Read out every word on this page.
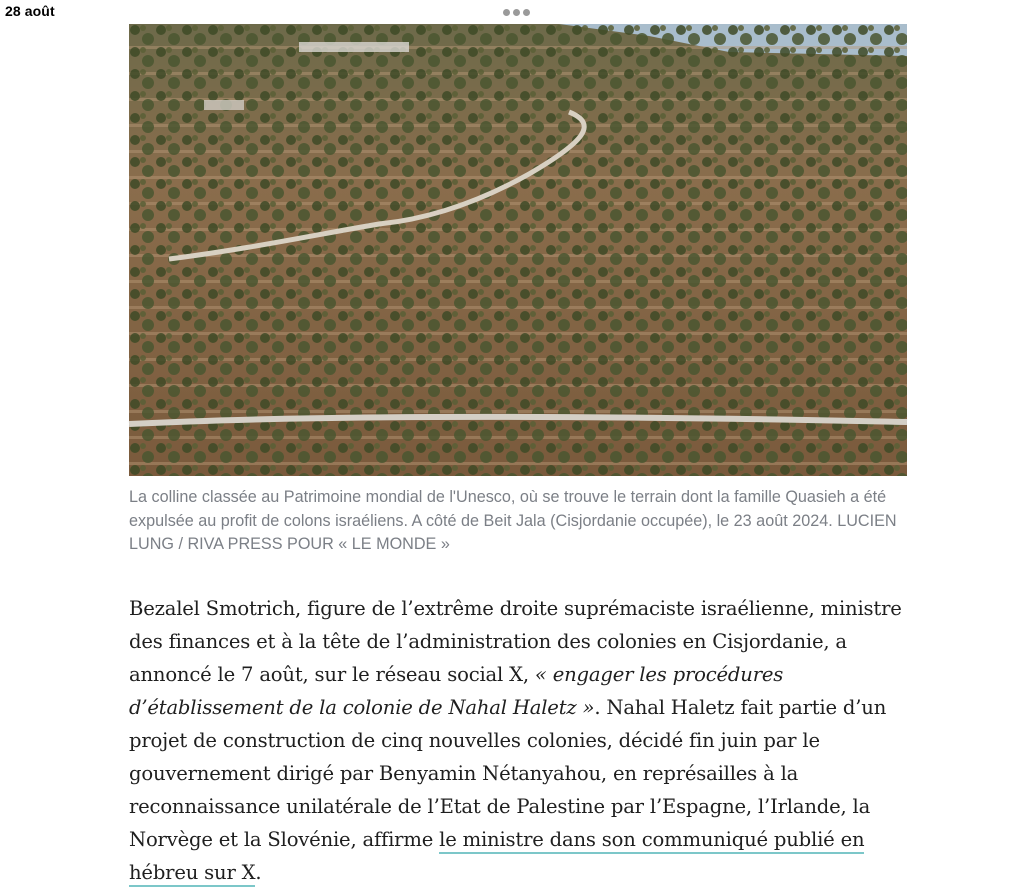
28 août
La colline classée au Patrimoine mondial de l'Unesco, où se trouve le terrain dont la famille Quasieh a été expulsée au profit de colons israéliens. A côté de Beit Jala (Cisjordanie occupée), le 23 août 2024. LUCIEN LUNG / RIVA PRESS POUR « LE MONDE »

Bezalel Smotrich, figure de l’extrême droite suprémaciste israélienne, ministre des finances et à la tête de l’administration des colonies en Cisjordanie, a annoncé le 7 août, sur le réseau social X, « engager les procédures d’établissement de la colonie de Nahal Haletz ». Nahal Haletz fait partie d’un projet de construction de cinq nouvelles colonies, décidé fin juin par le gouvernement dirigé par Benyamin Nétanyahou, en représailles à la reconnaissance unilatérale de l’Etat de Palestine par l’Espagne, l’Irlande, la Norvège et la Slovénie, affirme le ministre dans son communiqué publié en hébreu sur X.
